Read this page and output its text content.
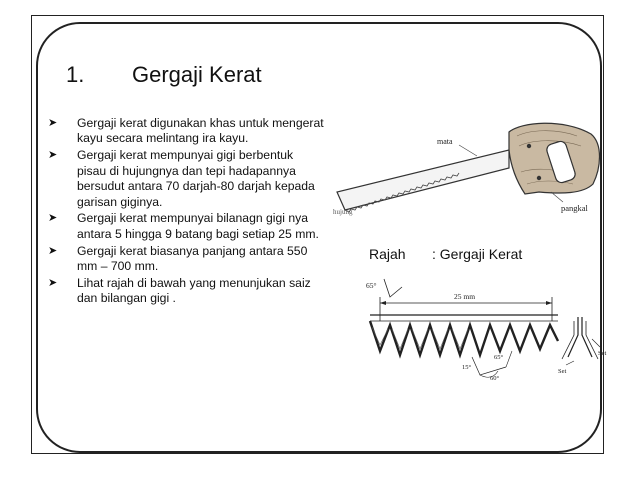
1. Gergaji Kerat
➤ Gergaji kerat digunakan khas untuk mengerat kayu secara melintang ira kayu.
➤ Gergaji kerat mempunyai gigi berbentuk pisau di hujungnya dan tepi hadapannya bersudut antara 70 darjah-80 darjah kepada garisan giginya.
➤ Gergaji kerat mempunyai bilanagn gigi nya antara 5 hingga 9 batang bagi setiap 25 mm.
➤ Gergaji kerat biasanya panjang antara 550 mm – 700 mm.
➤ Lihat rajah di bawah yang menunjukan saiz dan bilangan gigi .
mata
pangkal
hujung
Rajah : Gergaji Kerat
25 mm
65°
15°
65°
60°
Set
Set
